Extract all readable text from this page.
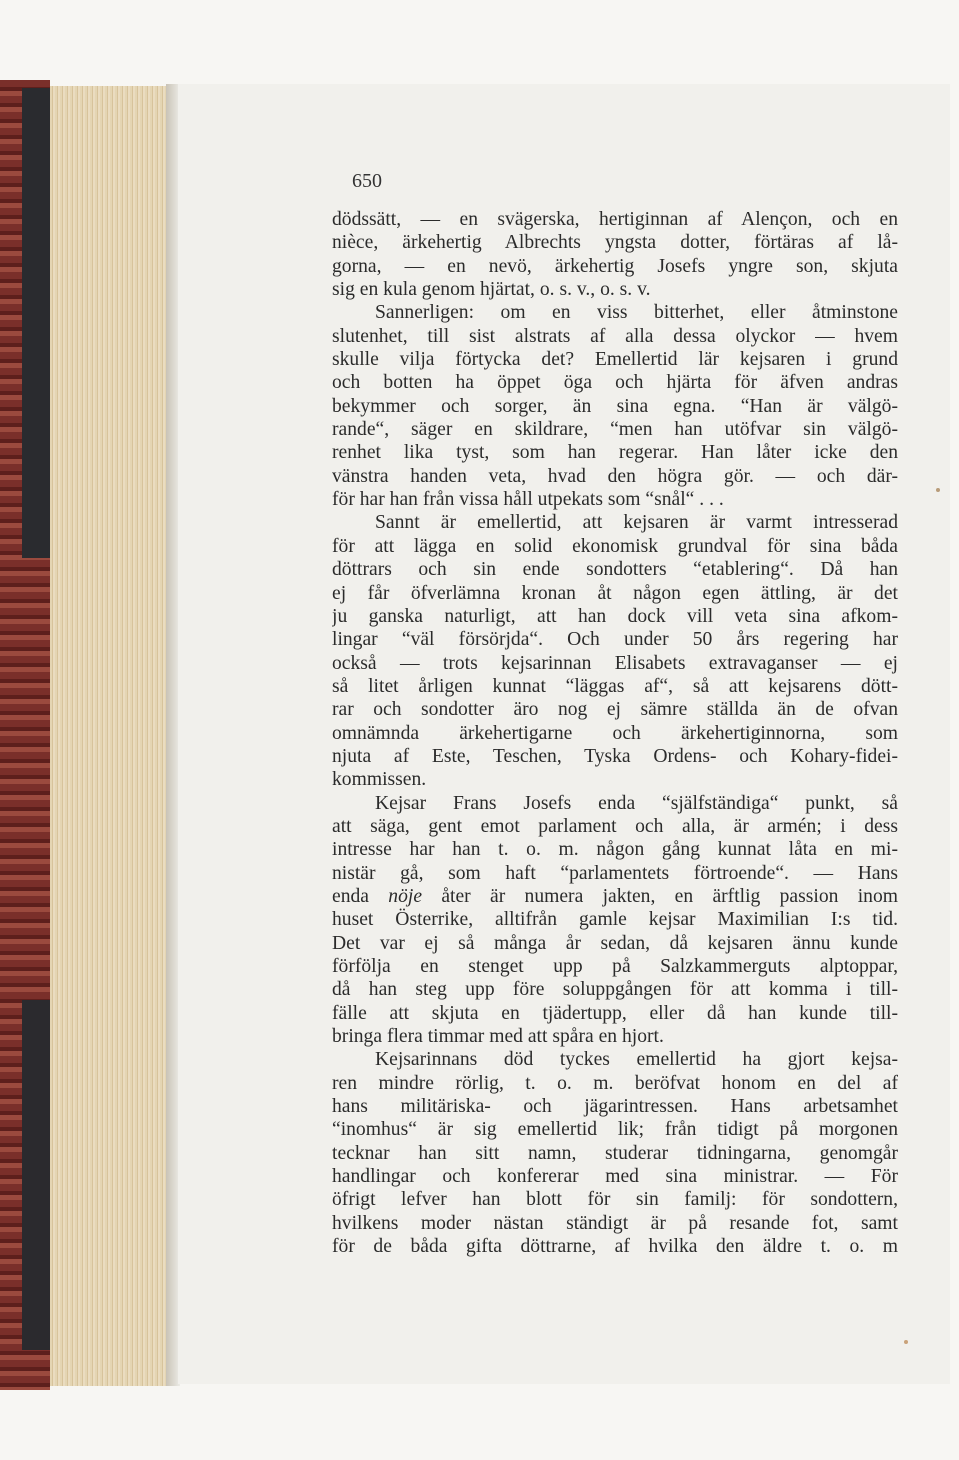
650
dödssätt, — en svägerska, hertiginnan af Alençon, och en
nièce, ärkehertig Albrechts yngsta dotter, förtäras af lå-
gorna, — en nevö, ärkehertig Josefs yngre son, skjuta
sig en kula genom hjärtat, o. s. v., o. s. v.
Sannerligen: om en viss bitterhet, eller åtminstone
slutenhet, till sist alstrats af alla dessa olyckor — hvem
skulle vilja förtycka det? Emellertid lär kejsaren i grund
och botten ha öppet öga och hjärta för äfven andras
bekymmer och sorger, än sina egna. “Han är välgö-
rande“, säger en skildrare, “men han utöfvar sin välgö-
renhet lika tyst, som han regerar. Han låter icke den
vänstra handen veta, hvad den högra gör. — och där-
för har han från vissa håll utpekats som “snål“ . . .
Sannt är emellertid, att kejsaren är varmt intresserad
för att lägga en solid ekonomisk grundval för sina båda
döttrars och sin ende sondotters “etablering“. Då han
ej får öfverlämna kronan åt någon egen ättling, är det
ju ganska naturligt, att han dock vill veta sina afkom-
lingar “väl försörjda“. Och under 50 års regering har
också — trots kejsarinnan Elisabets extravaganser — ej
så litet årligen kunnat “läggas af“, så att kejsarens dött-
rar och sondotter äro nog ej sämre ställda än de ofvan
omnämnda ärkehertigarne och ärkehertiginnorna, som
njuta af Este, Teschen, Tyska Ordens- och Kohary-fidei-
kommissen.
Kejsar Frans Josefs enda “själfständiga“ punkt, så
att säga, gent emot parlament och alla, är armén; i dess
intresse har han t. o. m. någon gång kunnat låta en mi-
nistär gå, som haft “parlamentets förtroende“. — Hans
enda nöje åter är numera jakten, en ärftlig passion inom
huset Österrike, alltifrån gamle kejsar Maximilian I:s tid.
Det var ej så många år sedan, då kejsaren ännu kunde
förfölja en stenget upp på Salzkammerguts alptoppar,
då han steg upp före soluppgången för att komma i till-
fälle att skjuta en tjädertupp, eller då han kunde till-
bringa flera timmar med att spåra en hjort.
Kejsarinnans död tyckes emellertid ha gjort kejsa-
ren mindre rörlig, t. o. m. beröfvat honom en del af
hans militäriska- och jägarintressen. Hans arbetsamhet
“inomhus“ är sig emellertid lik; från tidigt på morgonen
tecknar han sitt namn, studerar tidningarna, genomgår
handlingar och konfererar med sina ministrar. — För
öfrigt lefver han blott för sin familj: för sondottern,
hvilkens moder nästan ständigt är på resande fot, samt
för de båda gifta döttrarne, af hvilka den äldre t. o. m
